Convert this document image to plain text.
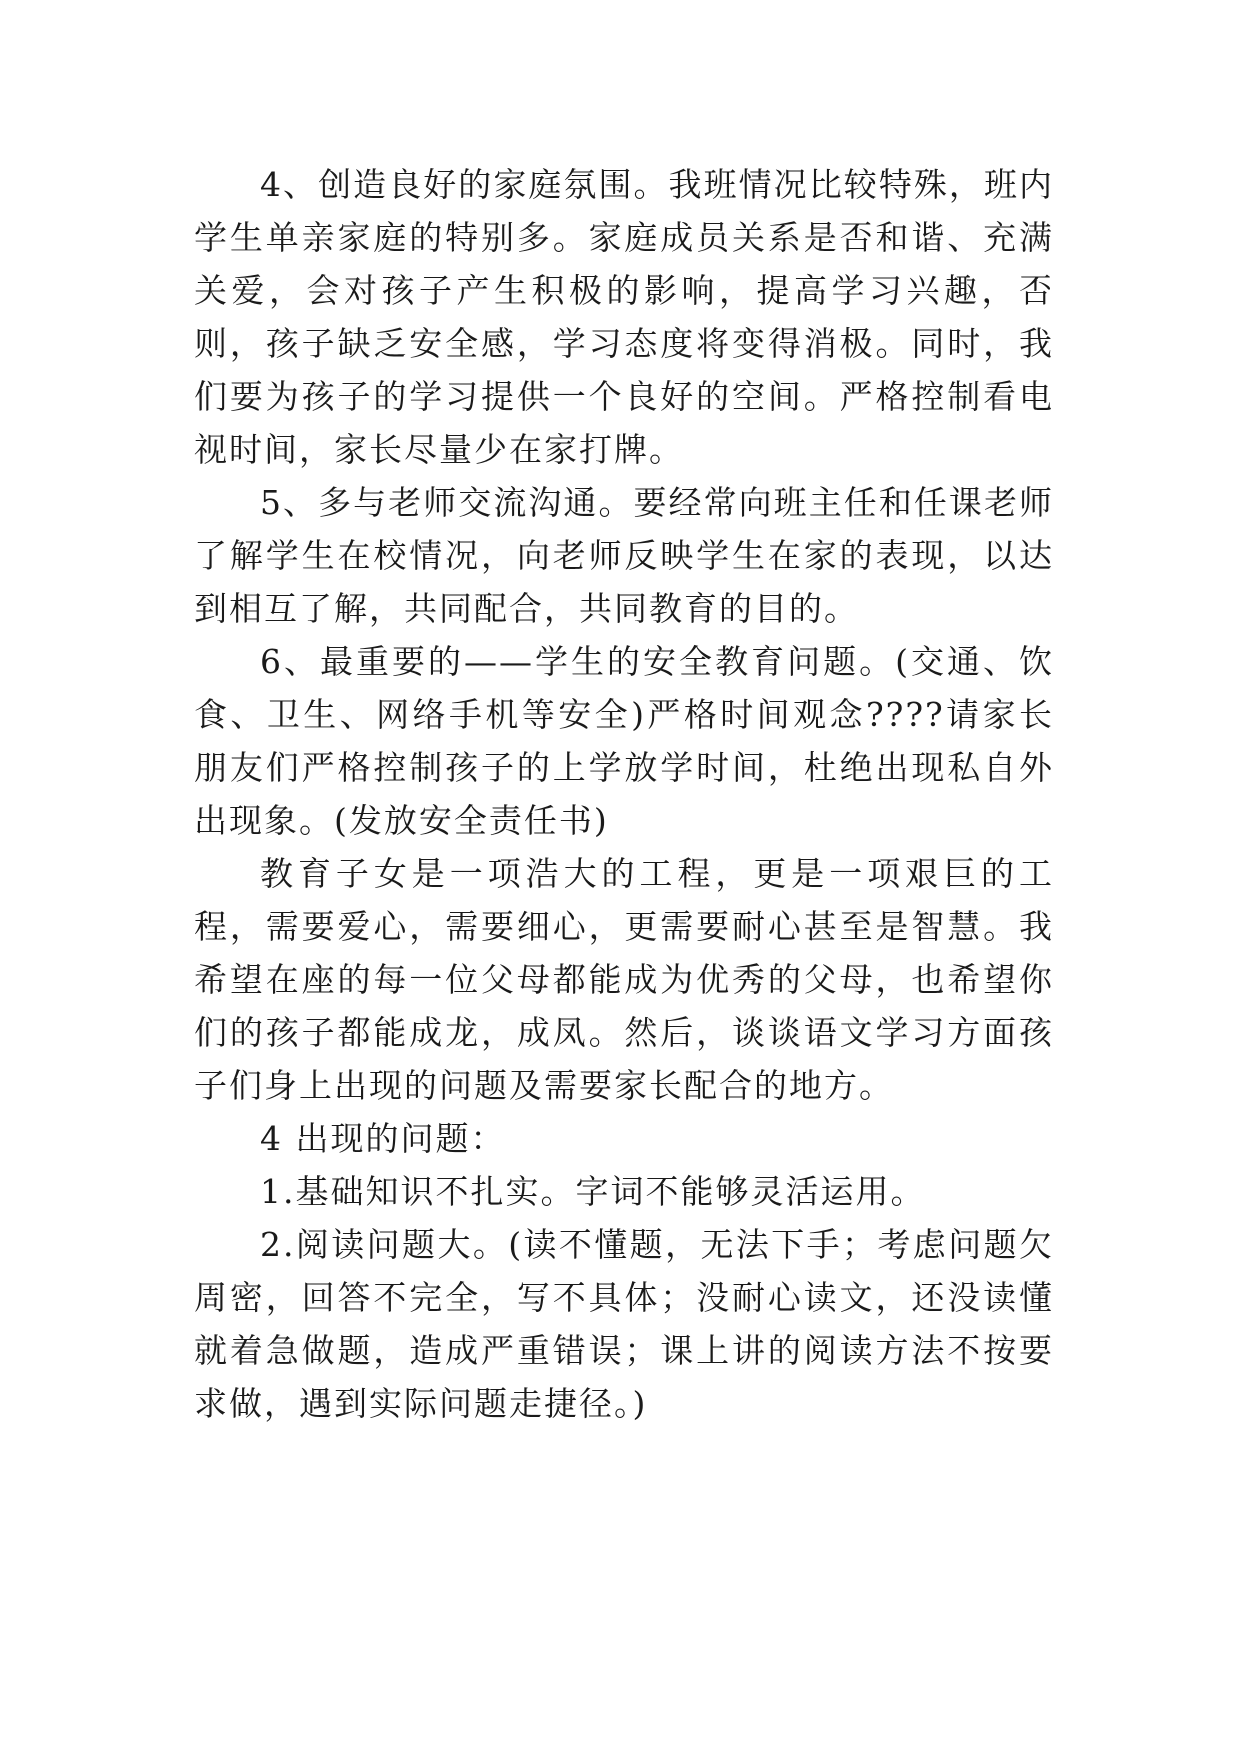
4、创造良好的家庭氛围。我班情况比较特殊，班内学生单亲家庭的特别多。家庭成员关系是否和谐、充满关爱，会对孩子产生积极的影响，提高学习兴趣，否则，孩子缺乏安全感，学习态度将变得消极。同时，我们要为孩子的学习提供一个良好的空间。严格控制看电视时间，家长尽量少在家打牌。

5、多与老师交流沟通。要经常向班主任和任课老师了解学生在校情况，向老师反映学生在家的表现，以达到相互了解，共同配合，共同教育的目的。

6、最重要的——学生的安全教育问题。(交通、饮食、卫生、网络手机等安全)严格时间观念????请家长朋友们严格控制孩子的上学放学时间，杜绝出现私自外出现象。(发放安全责任书)

教育子女是一项浩大的工程，更是一项艰巨的工程，需要爱心，需要细心，更需要耐心甚至是智慧。我希望在座的每一位父母都能成为优秀的父母，也希望你们的孩子都能成龙，成凤。然后，谈谈语文学习方面孩子们身上出现的问题及需要家长配合的地方。

4 出现的问题：

1.基础知识不扎实。字词不能够灵活运用。

2.阅读问题大。(读不懂题，无法下手；考虑问题欠周密，回答不完全，写不具体；没耐心读文，还没读懂就着急做题，造成严重错误；课上讲的阅读方法不按要求做，遇到实际问题走捷径。)
